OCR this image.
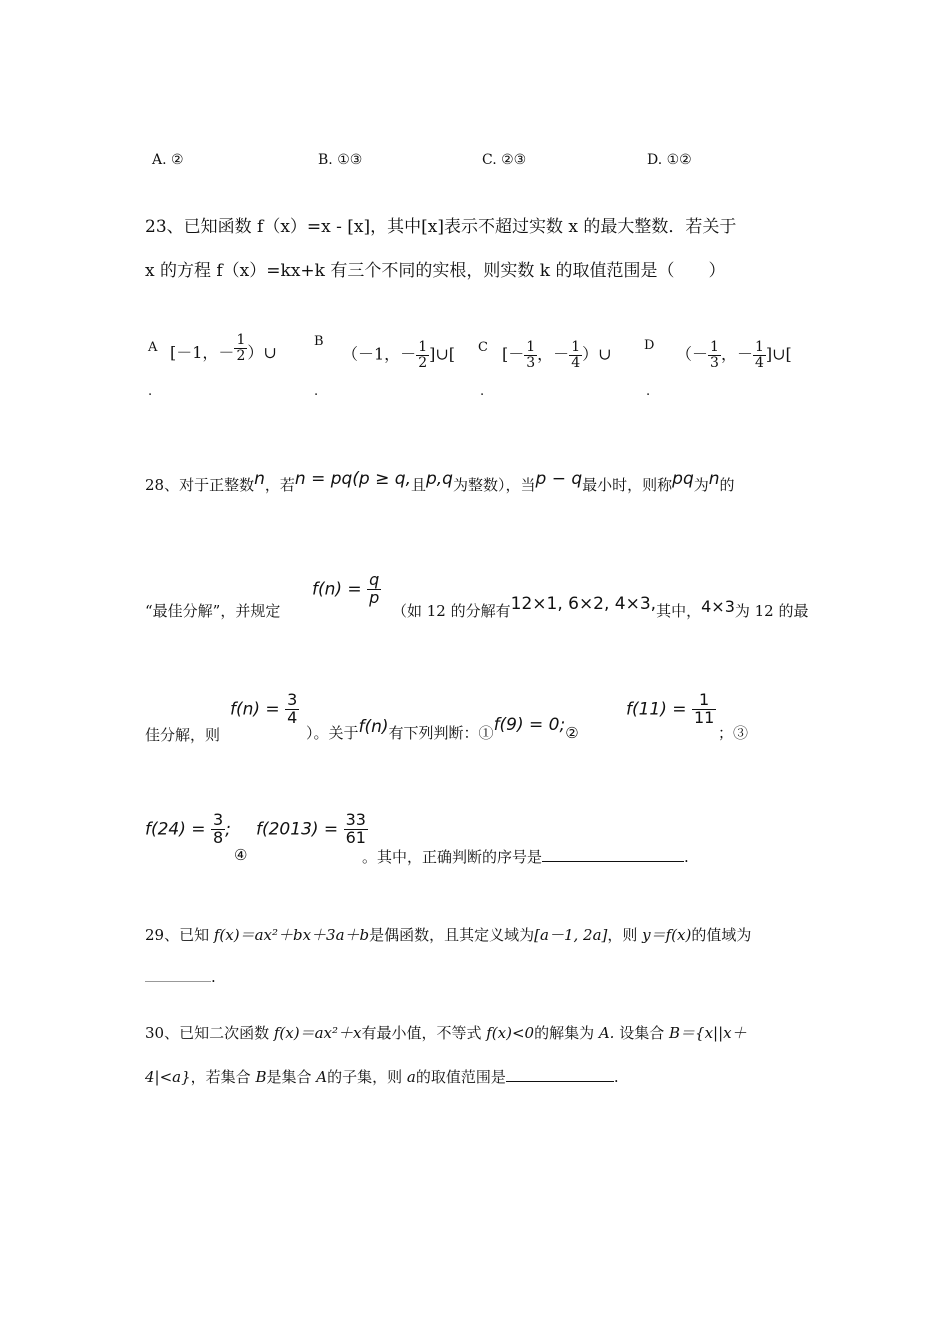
A. ②	B. ①③	C. ②③	D. ①②
23、已知函数 f（x）=x - [x]，其中[x]表示不超过实数 x 的最大整数．若关于
x 的方程 f（x）=kx+k 有三个不同的实根，则实数 k 的取值范围是（　　）
A [－1，－ $\frac{1}{2}$ ）∪
.
B
（－1，－ $\frac{1}{2}$ ]∪[
.
C [－ $\frac{1}{3}$ ，－ $\frac{1}{4}$ ）∪
.
D （－ $\frac{1}{3}$ ，－ $\frac{1}{4}$ ]∪[
.
28、对于正整数n，若n = pq(p ≥ q,且p,q为整数），当p − q最小时，则称pq为n的
“最佳分解”，并规定
$f(n) = \frac{q}{p}$
（如 12 的分解有12×1, 6×2, 4×3,其中，4×3为 12 的最
佳分解，则
$f(n) = \frac{3}{4}$
）。关于f(n)有下列判断：①f(9) = 0;②
$f(11) = \frac{1}{11}$
；③
$f(24) = \frac{3}{8}$ ;
④
$f(2013) = \frac{33}{61}$
。其中，正确判断的序号是	.
29、已知 f(x)＝ax²＋bx＋3a＋b是偶函数，且其定义域为[a－1, 2a]，则 y＝f(x)的值域为
.
30、已知二次函数 f(x)＝ax²＋x有最小值，不等式 f(x)<0的解集为 A. 设集合 B＝{x||x＋
4|<a}，若集合 B是集合 A的子集，则 a的取值范围是	.
